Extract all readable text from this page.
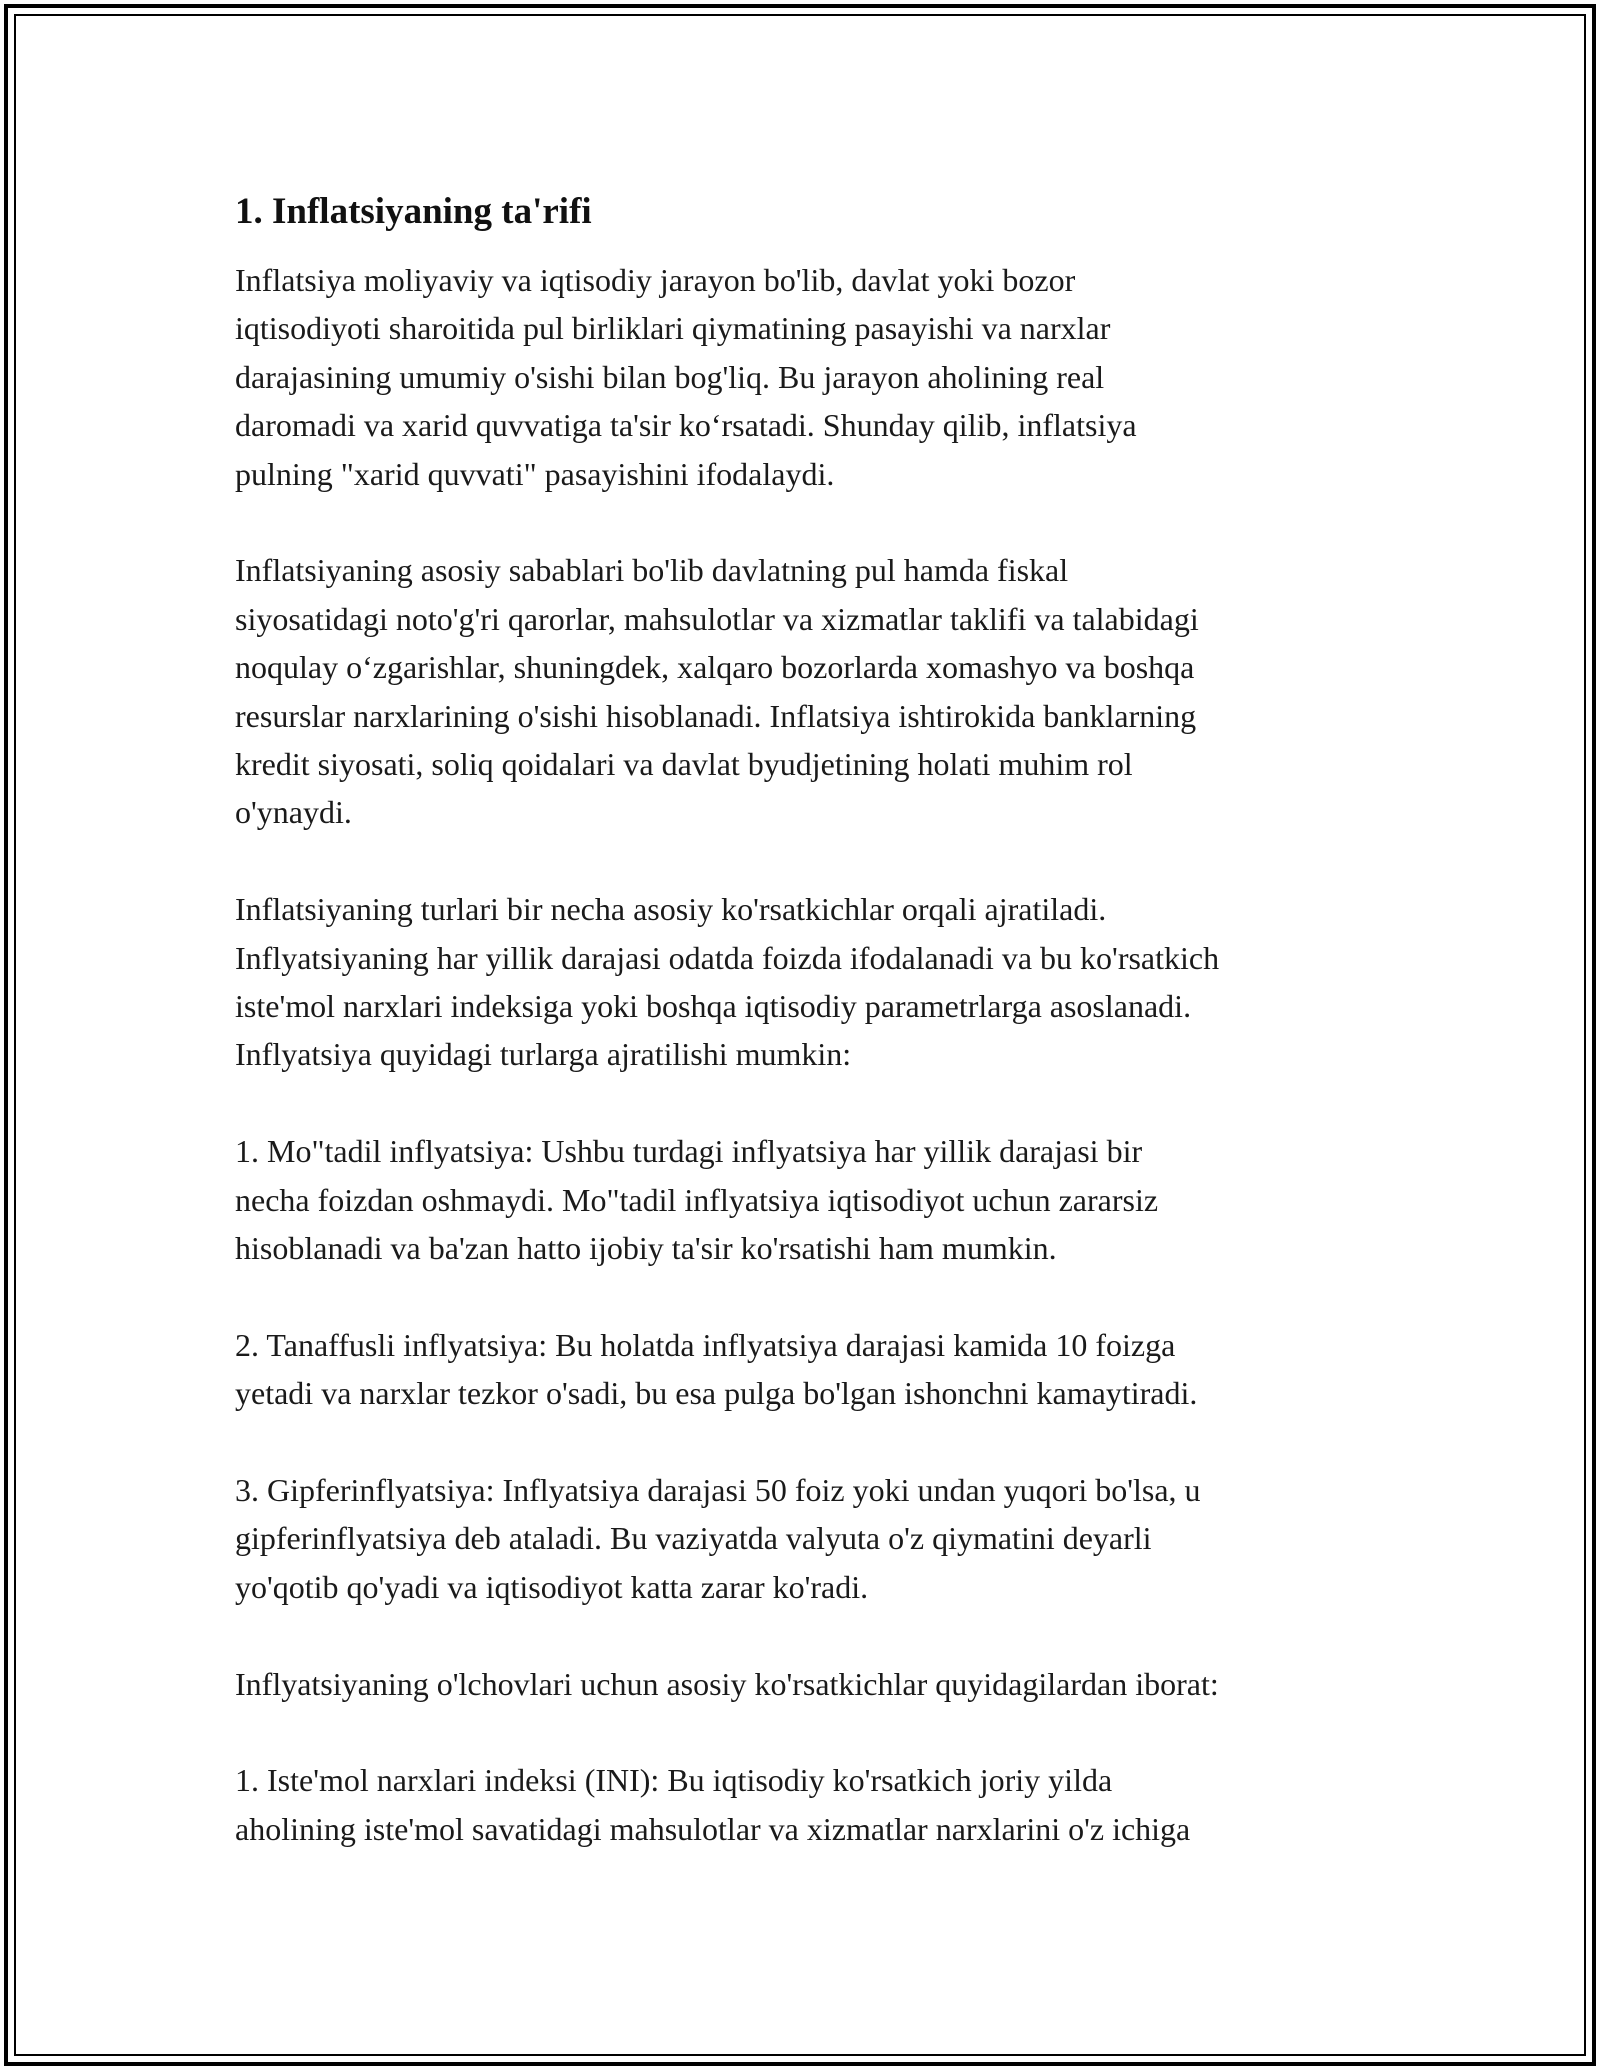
1. Inflatsiyaning ta'rifi

Inflatsiya moliyaviy va iqtisodiy jarayon bo'lib, davlat yoki bozor
iqtisodiyoti sharoitida pul birliklari qiymatining pasayishi va narxlar
darajasining umumiy o'sishi bilan bog'liq. Bu jarayon aholining real
daromadi va xarid quvvatiga ta'sir ko‘rsatadi. Shunday qilib, inflatsiya
pulning "xarid quvvati" pasayishini ifodalaydi.

Inflatsiyaning asosiy sabablari bo'lib davlatning pul hamda fiskal
siyosatidagi noto'g'ri qarorlar, mahsulotlar va xizmatlar taklifi va talabidagi
noqulay o‘zgarishlar, shuningdek, xalqaro bozorlarda xomashyo va boshqa
resurslar narxlarining o'sishi hisoblanadi. Inflatsiya ishtirokida banklarning
kredit siyosati, soliq qoidalari va davlat byudjetining holati muhim rol
o'ynaydi.

Inflatsiyaning turlari bir necha asosiy ko'rsatkichlar orqali ajratiladi.
Inflyatsiyaning har yillik darajasi odatda foizda ifodalanadi va bu ko'rsatkich
iste'mol narxlari indeksiga yoki boshqa iqtisodiy parametrlarga asoslanadi.
Inflyatsiya quyidagi turlarga ajratilishi mumkin:

1. Mo"tadil inflyatsiya: Ushbu turdagi inflyatsiya har yillik darajasi bir
necha foizdan oshmaydi. Mo"tadil inflyatsiya iqtisodiyot uchun zararsiz
hisoblanadi va ba'zan hatto ijobiy ta'sir ko'rsatishi ham mumkin.

2. Tanaffusli inflyatsiya: Bu holatda inflyatsiya darajasi kamida 10 foizga
yetadi va narxlar tezkor o'sadi, bu esa pulga bo'lgan ishonchni kamaytiradi.

3. Gipferinflyatsiya: Inflyatsiya darajasi 50 foiz yoki undan yuqori bo'lsa, u
gipferinflyatsiya deb ataladi. Bu vaziyatda valyuta o'z qiymatini deyarli
yo'qotib qo'yadi va iqtisodiyot katta zarar ko'radi.

Inflyatsiyaning o'lchovlari uchun asosiy ko'rsatkichlar quyidagilardan iborat:

1. Iste'mol narxlari indeksi (INI): Bu iqtisodiy ko'rsatkich joriy yilda
aholining iste'mol savatidagi mahsulotlar va xizmatlar narxlarini o'z ichiga
